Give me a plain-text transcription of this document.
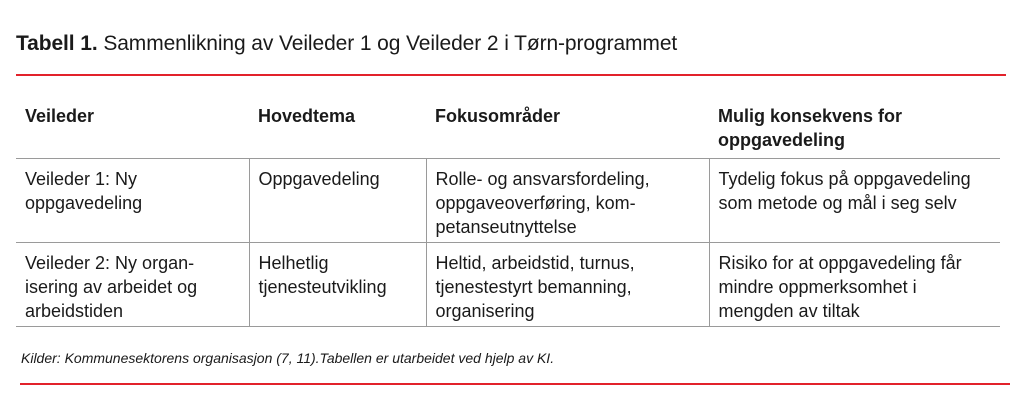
Tabell 1. Sammenlikning av Veileder 1 og Veileder 2 i Tørn-programmet
Veileder	Hovedtema	Fokusområder	Mulig konsekvens for oppgavedeling
Veileder 1: Ny oppgavedeling	Oppgavedeling	Rolle- og ansvarsfordeling, oppgaveoverføring, kompetanseutnyttelse	Tydelig fokus på oppgavedeling som metode og mål i seg selv
Veileder 2: Ny organisering av arbeidet og arbeidstiden	Helhetlig tjenesteutvikling	Heltid, arbeidstid, turnus, tjenestestyrt bemanning, organisering	Risiko for at oppgavedeling får mindre oppmerksomhet i mengden av tiltak
Kilder: Kommunesektorens organisasjon (7, 11).Tabellen er utarbeidet ved hjelp av KI.
